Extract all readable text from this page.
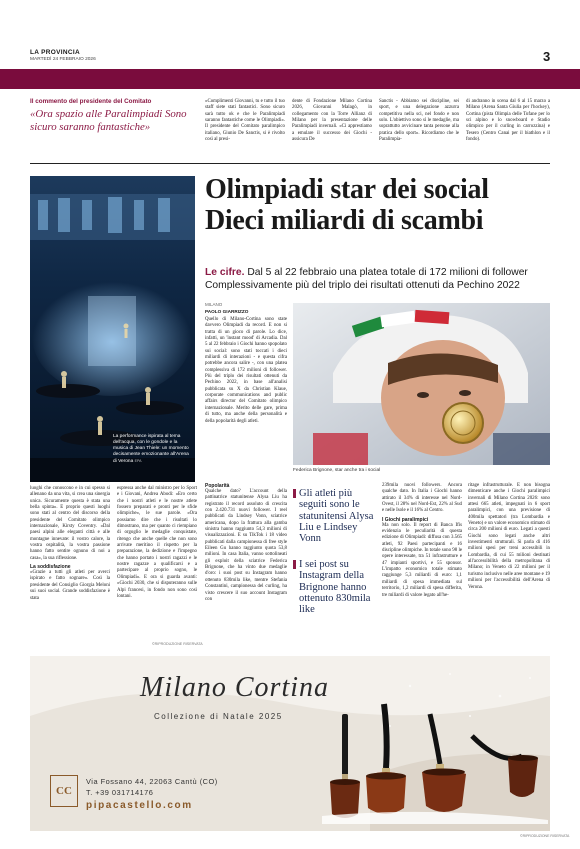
LA PROVINCIA
MARTEDÌ 24 FEBBRAIO 2026	3
Il commento del presidente del Comitato
«Ora spazio alle Paralimpiadi Sono sicuro saranno fantastiche»

«Complimenti Giovanni, tu e tutto il tuo staff siete stati fantastici. Sono sicuro sarà tutto ok e che le Paralimpiadi saranno fantastiche come le Olimpiadi». Il presidente del Comitato paralimpico italiano, Giunio De Sanctis, si è rivolto così al presi-

dente di Fondazione Milano Cortina 2026, Giovanni Malagò, in collegamento con la Torre Allianz di Milano per la presentazione delle Paralimpiadi invernali. «Ci apprestiamo a emulare il successo dei Giochi - assicura De

Sanctis - Abbiamo sei discipline, sei sport, e una delegazione azzurra competitiva nella sci, nel fondo e non solo. L'obiettivo sono sì le medaglie, ma soprattutto avvicinare tanta persone alla pratica dello sport». Ricordiamo che le Paralimpia-

di andranno in scena dal 6 al 15 marzo a Milano (Arena Santa Giulia per l'hockey), Cortina (pista Olimpia delle Tofane per lo sci alpino e lo snowboard e Stadio olimpico per il curling in carrozzina) e Tesero (Centro Canai per il biathlon e il fondo).

La performance ispirata al tema dell'acqua, con le gondole e la musica di Jean Thiele: un momento decisamente emozionante all'Arena di Verona EPA
Olimpiadi star dei social
Dieci miliardi di scambi
Le cifre. Dal 5 al 22 febbraio una platea totale di 172 milioni di follower Complessivamente più del triplo dei risultati ottenuti da Pechino 2022
MILANO
PAOLO GIARRIZZO

Quello di Milano-Cortina sono state davvero Olimpiadi da record. E non si tratta di un gioco di parole. Lo dice, infatti, un 'instant mood' di Arcadia. Dal 5 al 22 febbraio i Giochi hanno spopolato sui social: sono stati toccati i dieci miliardi di interazioni - e questa cifra potrebbe ancora salire -, con una platea complessiva di 172 milioni di follower. Più del triplo dei risultati ottenuti da Pechino 2022, in base all'analisi pubblicata su X da Christian Klaue, corporate communications and public affairs director del Comitato olimpico internazionale. Merito delle gare, prima di tutto, ma anche della personalità e della popolarità degli atleti.

Federica Brignone, star anche tra i social
Popolarità

Qualche dato? L'account della pattinatrice statunitense Alysa Liu ha registrato il record assoluto di crescita con 2.420.731 nuovi follower. I reel pubblicati da Lindsey Vonn, sciatrice americana, dopo la frattura alla gamba sinistra hanno raggiunto 54,3 milioni di visualizzazioni. E su TikTok i 18 video pubblicati dalla campionessa di free style Eileen Gu hanno raggiunto quota 53,8 milioni. In casa Italia, vanno sottolineati gli exploit della sciatrice Federica Brignone, che ha vinto due medaglie d'oro: i suoi post su Instagram hanno ottenuto 830mila like, mentre Stefania Constantini, campionessa del curling, ha visto crescere il suo account Instagram con

Gli atleti più seguiti sono le statunitensi Alysa Liu e Lindsey Vonn
I sei post su Instagram della Brignone hanno ottenuto 830mila like

239mila nuovi followers. Ancora qualche dato. In Italia i Giochi hanno attirato il 34% di interesse nel Nord-Ovest, il 28% nel Nord-Est, 22% al Sud e nelle Isole e il 16% al Centro.

I Giochi paralimpici

Ma non solo. Il report di Banca Ifis evidenzia le peculiarità di questa edizione di Olimpiadi: diffusa con 3.565 atleti, 92 Paesi partecipanti e 16 discipline olimpiche. In totale sono 98 le opere interessate, tra 51 infrastrutture e 47 impianti sportivi, e 55 sponsor. L'impatto economico totale stimato raggiunge 5,3 miliardi di euro: 1,1 miliardi di spesa immediata sul territorio, 1,2 miliardi di spesa differita, tre miliardi di valore legato all'he-

ritage infrastrutturale. E non bisogna dimenticare anche i Giochi paralimpici invernali di Milano Cortina 2026: sono attesi 665 atleti, impegnati in 6 sport paralimpici, con una previsione di 400mila spettatori (tra Lombardia e Veneto) e un valore economico stimato di circa 200 milioni di euro. Legati a questi Giochi sono legati anche altri investimenti strutturali. Si parla di 416 milioni spesi per treni accessibili in Lombardia, di cui 55 milioni destinati all'accessibilità della metropolitana di Milano; in Veneto di 22 milioni per il turismo inclusivo nelle aree montane e 19 milioni per l'accessibilità dell'Arena di Verona.

luoghi che conoscono e in cui spesso si allenano da una vita, si crea una sinergia unica. Sicuramente questa è stata una bella spinta». E proprio questi luoghi sono stati al centro del discorso della presidente del Comitato olimpico internazionale, Kirsty Coventry. «Dal paesi alpini alle eleganti città e alle montagne innevate: il vostro calore, la vostra ospitalità, la vostra passione hanno fatto sentire ognuno di noi a casa», la sua riflessione.

La soddisfazione

«Grazie a tutti gli atleti per averci ispirato e fatto sognare». Così la presidente del Consiglio Giorgia Meloni sui suoi social. Grande soddisfazione è stata

espressa anche dal ministro per lo Sport e i Giovani, Andrea Abodi: «Ero certo che i nostri atleti e le nostre atlete fossero preparati e pronti per le sfide olimpiche», le sue parole. «Ora possiamo dire che i risultati lo dimostrano, ma per quanto ci riempiano di orgoglio le medaglie conquistate, ritengo che anche quelle che non sono arrivate meritino il rispetto per la preparazione, la dedizione e l'impegno che hanno portato i nostri ragazzi e le nostre ragazze a qualificarsi e a partecipare al proprio sogno, le Olimpiadi». E ora si guarda avanti: «Giochi 2030, che si disputeranno sulle Alpi francesi, in fondo non sono così lontani.

©RIPRODUZIONE RISERVATA
Milano Cortina
Collezione di Natale 2025
CC
Via Fossano 44, 22063 Cantù (CO)
T. +39 031714176
pipacastello.com
©RIPRODUZIONE RISERVATA
